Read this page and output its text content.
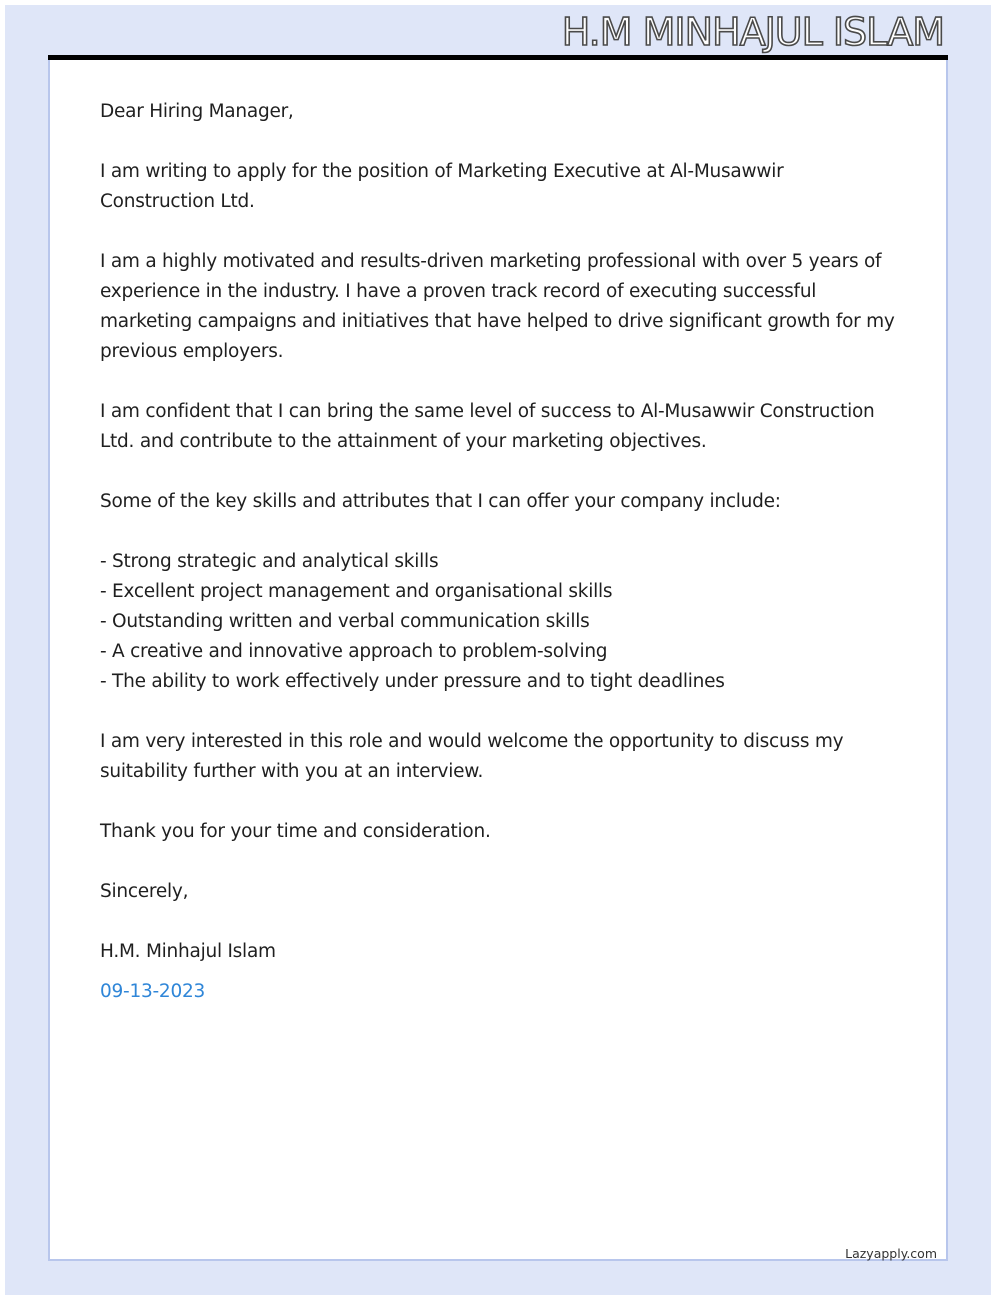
H.M MINHAJUL ISLAM

Dear Hiring Manager,

I am writing to apply for the position of Marketing Executive at Al-Musawwir Construction Ltd.

I am a highly motivated and results-driven marketing professional with over 5 years of experience in the industry. I have a proven track record of executing successful marketing campaigns and initiatives that have helped to drive significant growth for my previous employers.

I am confident that I can bring the same level of success to Al-Musawwir Construction Ltd. and contribute to the attainment of your marketing objectives.

Some of the key skills and attributes that I can offer your company include:

- Strong strategic and analytical skills
- Excellent project management and organisational skills
- Outstanding written and verbal communication skills
- A creative and innovative approach to problem-solving
- The ability to work effectively under pressure and to tight deadlines

I am very interested in this role and would welcome the opportunity to discuss my suitability further with you at an interview.

Thank you for your time and consideration.

Sincerely,

H.M. Minhajul Islam

09-13-2023

Lazyapply.com
